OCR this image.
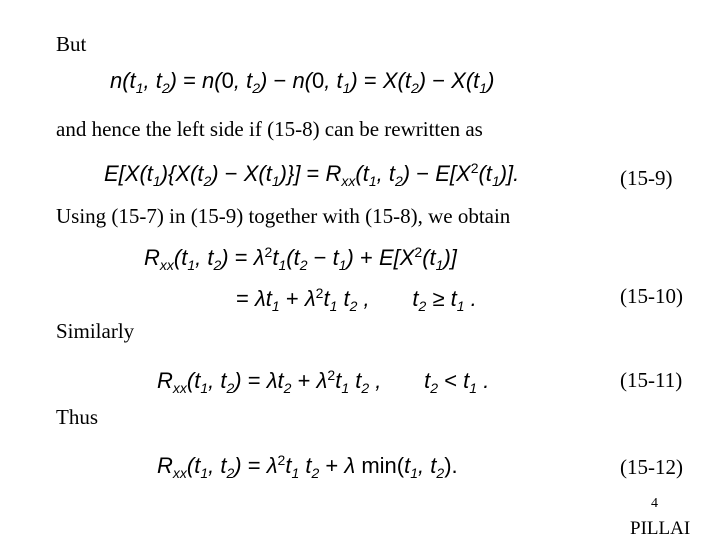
But
$n(t_1$, $t_2) = n(0$, $t_2) - n(0$, $t_1) = X(t_2) - X(t_1)$
and hence the left side if (15-8) can be rewritten as
$E[X(t_1)\{X(t_2) - X(t_1)\}] = R_{xx}(t_1$, $t_2) - E[X^2(t_1)]$.	(15-9)
Using (15-7) in (15-9) together with (15-8), we obtain
$R_{xx}(t_1$, $t_2) = \lambda^2t_1(t_2 - t_1) + E[X^2(t_1)]$
= $\lambda t_1 + \lambda^2t_1$ $t_2$ ,       $t_2 \ge t_1$ .	(15-10)
Similarly
$R_{xx}(t_1$, $t_2) = \lambda t_2 + \lambda^2t_1$ $t_2$ ,       $t_2 < t_1$ .	(15-11)
Thus
$R_{xx}(t_1$, $t_2) = \lambda^2t_1$ $t_2 + \lambda$ $\min(t_1$, $t_2$).	(15-12)
4
PILLAI
